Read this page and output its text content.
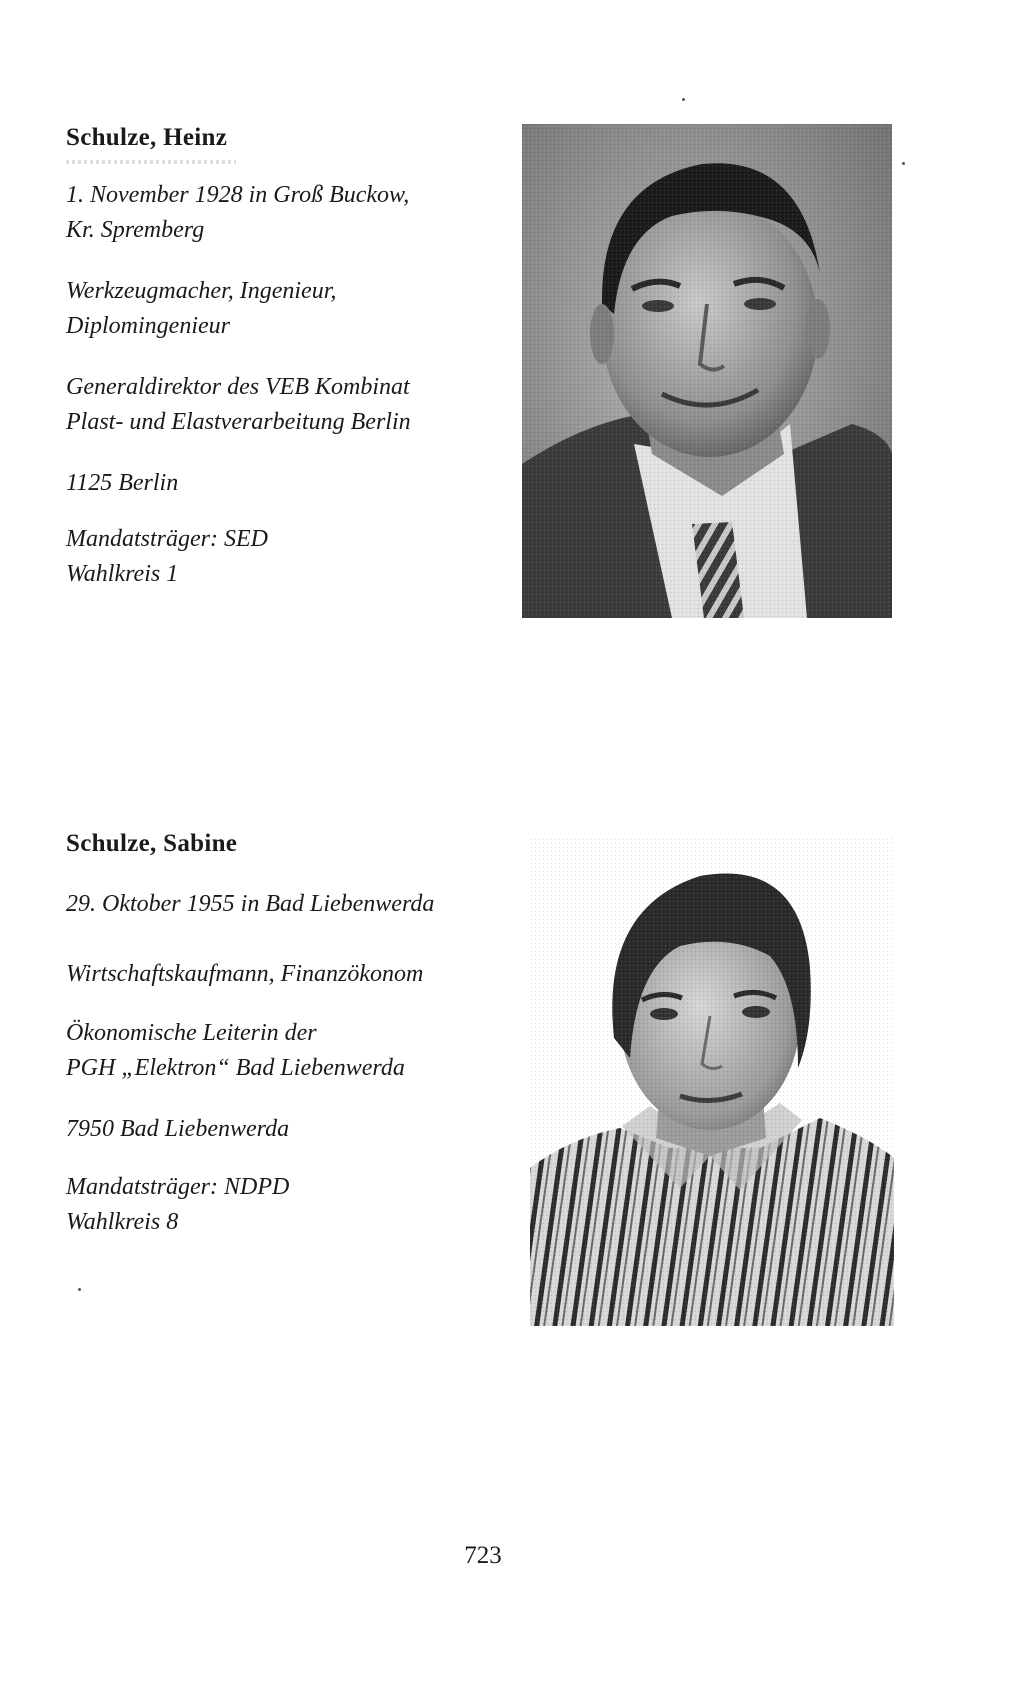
Schulze, Heinz

1. November 1928 in Groß Buckow,
Kr. Spremberg

Werkzeugmacher, Ingenieur,
Diplomingenieur

Generaldirektor des VEB Kombinat
Plast- und Elastverarbeitung Berlin

1125 Berlin

Mandatsträger: SED
Wahlkreis 1

Schulze, Sabine

29. Oktober 1955 in Bad Liebenwerda

Wirtschaftskaufmann, Finanzökonom

Ökonomische Leiterin der
PGH „Elektron“ Bad Liebenwerda

7950 Bad Liebenwerda

Mandatsträger: NDPD
Wahlkreis 8

723
